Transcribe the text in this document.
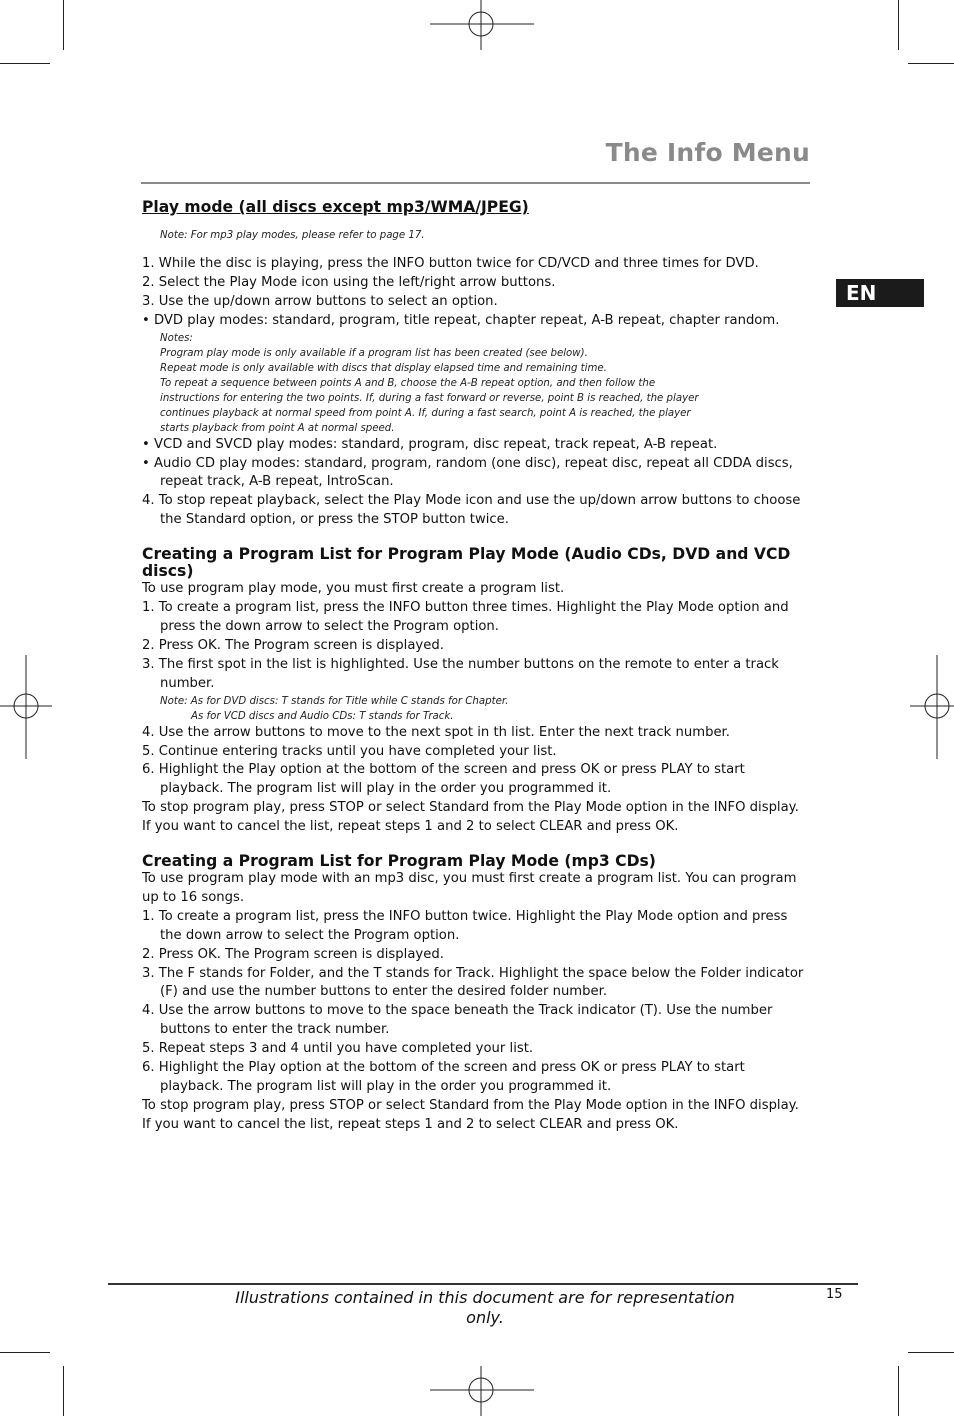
The Info Menu
EN
Play mode (all discs except mp3/WMA/JPEG)
Note: For mp3 play modes, please refer to page 17.
1. While the disc is playing, press the INFO button twice for CD/VCD and three times for DVD.
2. Select the Play Mode icon using the left/right arrow buttons.
3. Use the up/down arrow buttons to select an option.
• DVD play modes: standard, program, title repeat, chapter repeat, A-B repeat, chapter random.
Notes:
Program play mode is only available if a program list has been created (see below).
Repeat mode is only available with discs that display elapsed time and remaining time.
To repeat a sequence between points A and B, choose the A-B repeat option, and then follow the
instructions for entering the two points. If, during a fast forward or reverse, point B is reached, the player
continues playback at normal speed from point A. If, during a fast search, point A is reached, the player
starts playback from point A at normal speed.
• VCD and SVCD play modes: standard, program, disc repeat, track repeat, A-B repeat.
• Audio CD play modes: standard, program, random (one disc), repeat disc, repeat all CDDA discs, repeat track, A-B repeat, IntroScan.
4. To stop repeat playback, select the Play Mode icon and use the up/down arrow buttons to choose the Standard option, or press the STOP button twice.
Creating a Program List for Program Play Mode (Audio CDs, DVD and VCD discs)
To use program play mode, you must first create a program list.
1. To create a program list, press the INFO button three times. Highlight the Play Mode option and press the down arrow to select the Program option.
2. Press OK. The Program screen is displayed.
3. The first spot in the list is highlighted. Use the number buttons on the remote to enter a track number.
Note: As for DVD discs: T stands for Title while C stands for Chapter.
As for VCD discs and Audio CDs: T stands for Track.
4. Use the arrow buttons to move to the next spot in th list. Enter the next track number.
5. Continue entering tracks until you have completed your list.
6. Highlight the Play option at the bottom of the screen and press OK or press PLAY to start playback. The program list will play in the order you programmed it.
To stop program play, press STOP or select Standard from the Play Mode option in the INFO display.
If you want to cancel the list, repeat steps 1 and 2 to select CLEAR and press OK.
Creating a Program List for Program Play Mode (mp3 CDs)
To use program play mode with an mp3 disc, you must first create a program list. You can program up to 16 songs.
1. To create a program list, press the INFO button twice. Highlight the Play Mode option and press the down arrow to select the Program option.
2. Press OK. The Program screen is displayed.
3. The F stands for Folder, and the T stands for Track. Highlight the space below the Folder indicator (F) and use the number buttons to enter the desired folder number.
4. Use the arrow buttons to move to the space beneath the Track indicator (T). Use the number buttons to enter the track number.
5. Repeat steps 3 and 4 until you have completed your list.
6. Highlight the Play option at the bottom of the screen and press OK or press PLAY to start playback. The program list will play in the order you programmed it.
To stop program play, press STOP or select Standard from the Play Mode option in the INFO display.
If you want to cancel the list, repeat steps 1 and 2 to select CLEAR and press OK.
Illustrations contained in this document are for representation only.
15
